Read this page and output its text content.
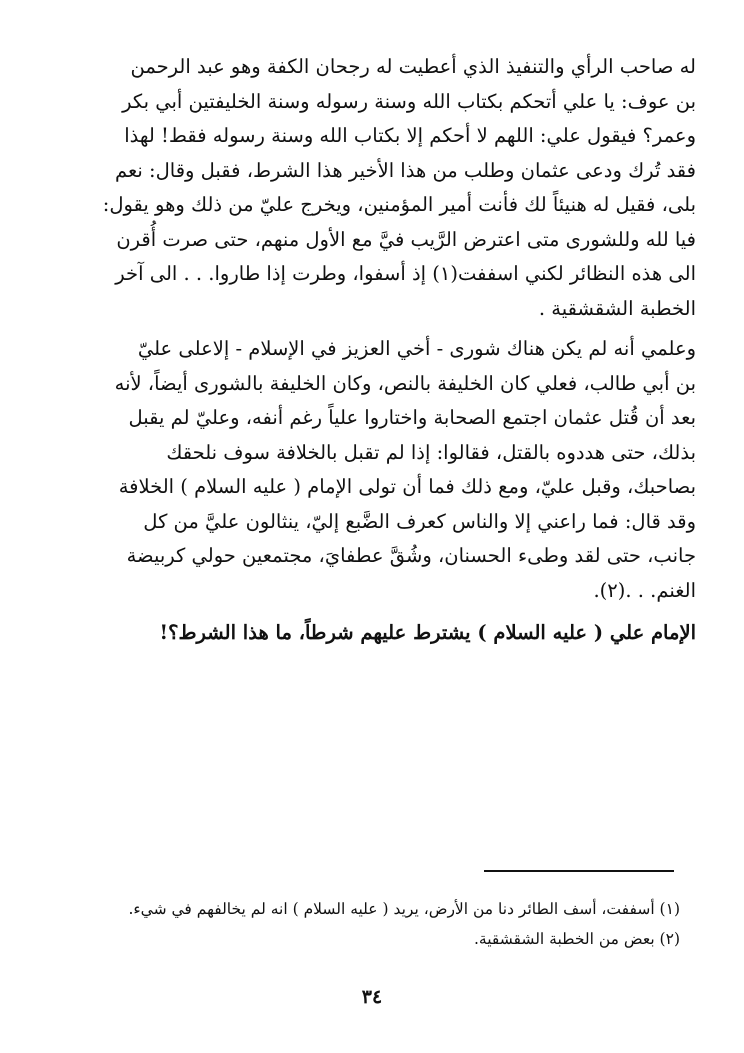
له صاحب الرأي والتنفيذ الذي أعطيت له رجحان الكفة وهو عبد الرحمن
بن عوف: يا علي أتحكم بكتاب الله وسنة رسوله وسنة الخليفتين أبي بكر
وعمر؟ فيقول علي: اللهم لا أحكم إلا بكتاب الله وسنة رسوله فقط! لهذا
فقد تُرك ودعى عثمان وطلب من هذا الأخير هذا الشرط، فقبل وقال: نعم
بلى، فقيل له هنيئاً لك فأنت أمير المؤمنين، ويخرج عليّ من ذلك وهو يقول:
فيا لله وللشورى متى اعترض الرَّيب فيَّ مع الأول منهم، حتى صرت أُقرن
الى هذه النظائر لكني اسففت(١) إذ أسفوا، وطرت إذا طاروا. . . الى آخر
الخطبة الشقشقية .

وعلمي أنه لم يكن هناك شورى - أخي العزيز في الإسلام - إلاعلى عليّ
بن أبي طالب، فعلي كان الخليفة بالنص، وكان الخليفة بالشورى أيضاً، لأنه
بعد أن قُتل عثمان اجتمع الصحابة واختاروا علياً رغم أنفه، وعليّ لم يقبل
بذلك، حتى هددوه بالقتل، فقالوا: إذا لم تقبل بالخلافة سوف نلحقك
بصاحبك، وقبل عليّ، ومع ذلك فما أن تولى الإمام ( عليه السلام ) الخلافة
وقد قال: فما راعني إلا والناس كعرف الضَّبع إليّ، ينثالون عليَّ من كل
جانب، حتى لقد وطىء الحسنان، وشُقَّ عطفايَ، مجتمعين حولي كربيضة
الغنم. . .(٢).

الإمام علي ( عليه السلام ) يشترط عليهم شرطاً، ما هذا الشرط؟!
(١) أسففت، أسف الطائر دنا من الأرض، يريد ( عليه السلام ) انه لم يخالفهم في شيء.
(٢) بعض من الخطبة الشقشقية.
٣٤
